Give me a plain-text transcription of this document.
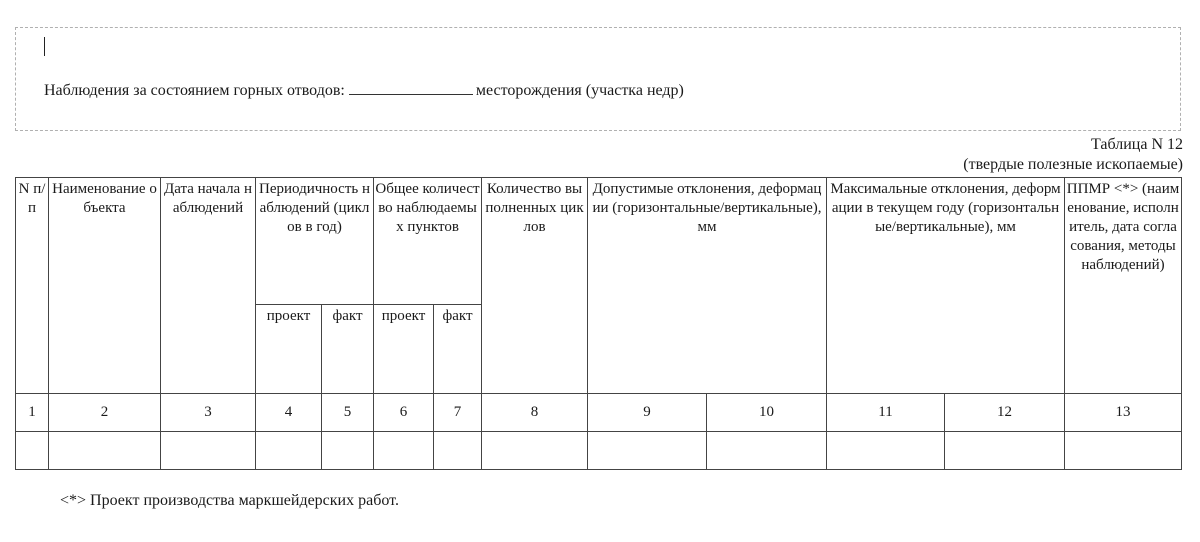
Наблюдения за состоянием горных отводов:	месторождения (участка недр)
Таблица N 12
(твердые полезные ископаемые)
N п/п	Наименование объекта	Дата начала наблюдений	Периодичность наблюдений (циклов в год)		Общее количество наблюдаемых пунктов		Количество выполненных циклов	Допустимые отклонения, деформации (горизонтальные/вертикальные), мм		Максимальные отклонения, деформации в текущем году (горизонтальные/вертикальные), мм		ППМР <*> (наименование, исполнитель, дата согласования, методы наблюдений)
			проект	факт	проект	факт						
1	2	3	4	5	6	7	8	9	10	11	12	13

<*> Проект производства маркшейдерских работ.
